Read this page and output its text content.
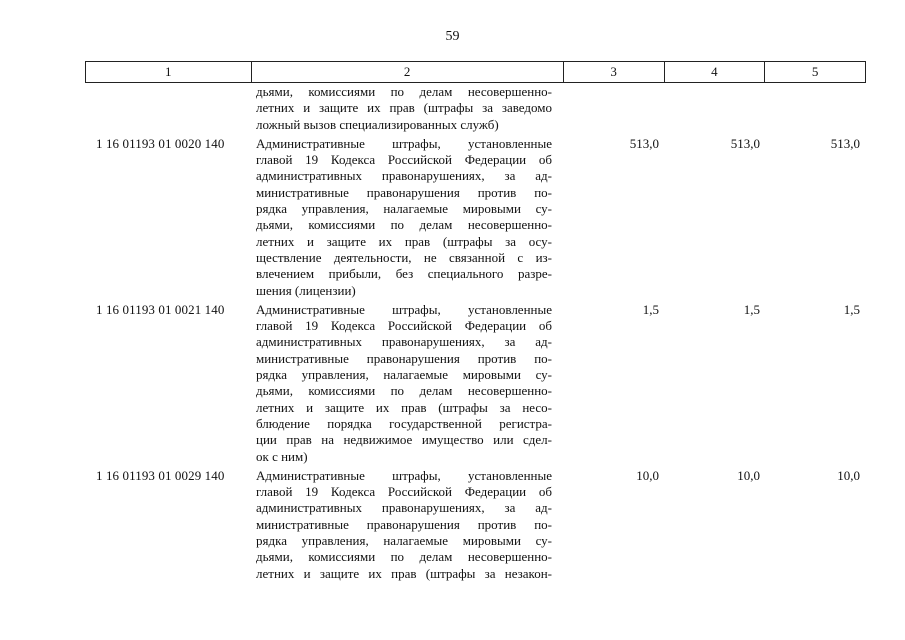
59
1	2	3	4	5
дьями, комиссиями по делам несовершенно-
летних и защите их прав (штрафы за заведомо
ложный вызов специализированных служб)
1 16 01193 01 0020 140	Административные штрафы, установленные
главой 19 Кодекса Российской Федерации об
административных правонарушениях, за ад-
министративные правонарушения против по-
рядка управления, налагаемые мировыми су-
дьями, комиссиями по делам несовершенно-
летних и защите их прав (штрафы за осу-
ществление деятельности, не связанной с из-
влечением прибыли, без специального разре-
шения (лицензии)
513,0	513,0	513,0
1 16 01193 01 0021 140	Административные штрафы, установленные
главой 19 Кодекса Российской Федерации об
административных правонарушениях, за ад-
министративные правонарушения против по-
рядка управления, налагаемые мировыми су-
дьями, комиссиями по делам несовершенно-
летних и защите их прав (штрафы за несо-
блюдение порядка государственной регистра-
ции прав на недвижимое имущество или сдел-
ок с ним)
1,5	1,5	1,5
1 16 01193 01 0029 140	Административные штрафы, установленные
главой 19 Кодекса Российской Федерации об
административных правонарушениях, за ад-
министративные правонарушения против по-
рядка управления, налагаемые мировыми су-
дьями, комиссиями по делам несовершенно-
летних и защите их прав (штрафы за незакон-
10,0	10,0	10,0
